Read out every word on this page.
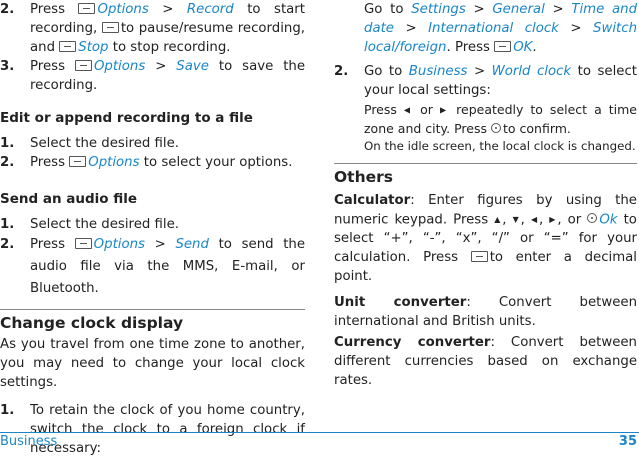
2. Press Options > Record to start recording, to pause/resume recording, and Stop to stop recording.
3. Press Options > Save to save the recording.
Edit or append recording to a file
1. Select the desired file.
2. Press Options to select your options.
Send an audio file
1. Select the desired file.
2. Press Options > Send to send the audio file via the MMS, E-mail, or Bluetooth.
Change clock display

As you travel from one time zone to another, you may need to change your local clock settings.

1. To retain the clock of you home country, switch the clock to a foreign clock if necessary:
Go to Settings > General > Time and date > International clock > Switch local/foreign. Press OK.
2. Go to Business > World clock to select your local settings:
Press ◀ or ▶ repeatedly to select a time zone and city. Press to confirm.
On the idle screen, the local clock is changed.
Others

Calculator: Enter figures by using the numeric keypad. Press ▲, ▼, ◀, ▶, or Ok to select “+”, “-”, “x”, “/” or “=” for your calculation. Press to enter a decimal point.

Unit converter: Convert between international and British units.

Currency converter: Convert between different currencies based on exchange rates.

Business	35
